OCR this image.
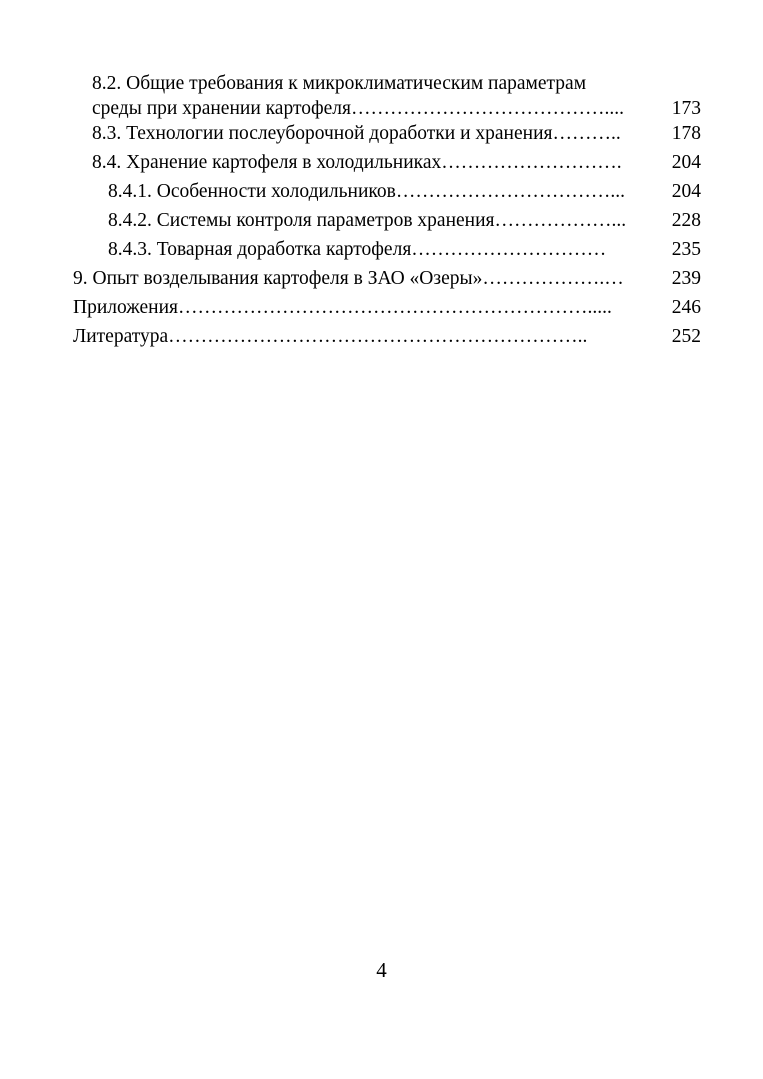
8.2. Общие требования к микроклиматическим параметрам
среды при хранении картофеля………………………………….... 173
8.3. Технологии послеуборочной доработки и хранения………..	178
8.4. Хранение картофеля в холодильниках……………………….	204
8.4.1. Особенности холодильников……………………………... 204
8.4.2. Системы контроля параметров хранения………………... 228
8.4.3. Товарная доработка картофеля…………………………	235
9. Опыт возделывания картофеля в ЗАО «Озеры»……………….… 239
Приложения……………………………………………………….....	246
Литература………………………………………………………..	252
4
